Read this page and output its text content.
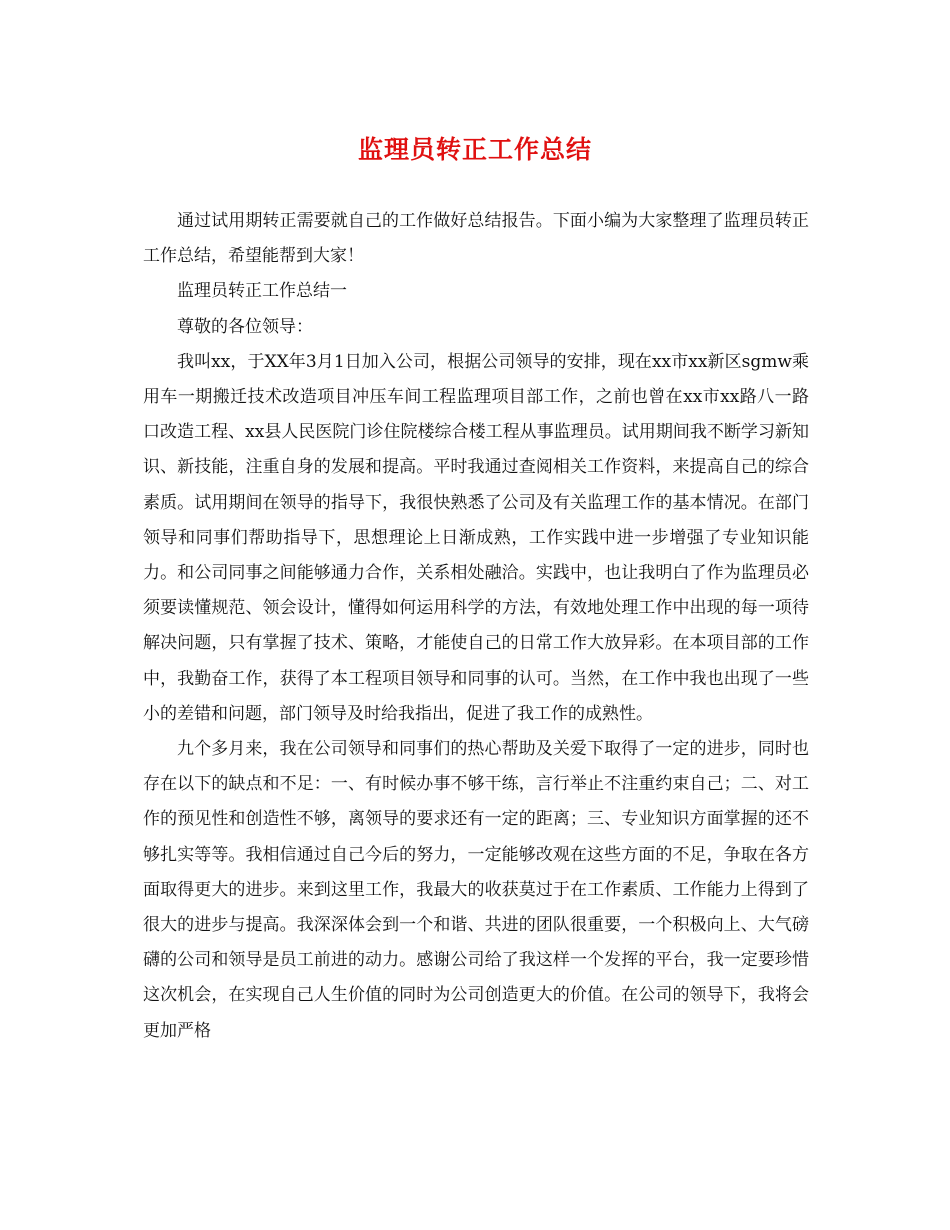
监理员转正工作总结

通过试用期转正需要就自己的工作做好总结报告。下面小编为大家整理了监理员转正工作总结，希望能帮到大家！

监理员转正工作总结一

尊敬的各位领导：

我叫xx，于XX年3月1日加入公司，根据公司领导的安排，现在xx市xx新区sgmw乘用车一期搬迁技术改造项目冲压车间工程监理项目部工作，之前也曾在xx市xx路八一路口改造工程、xx县人民医院门诊住院楼综合楼工程从事监理员。试用期间我不断学习新知识、新技能，注重自身的发展和提高。平时我通过查阅相关工作资料，来提高自己的综合素质。试用期间在领导的指导下，我很快熟悉了公司及有关监理工作的基本情况。在部门领导和同事们帮助指导下，思想理论上日渐成熟，工作实践中进一步增强了专业知识能力。和公司同事之间能够通力合作，关系相处融洽。实践中，也让我明白了作为监理员必须要读懂规范、领会设计，懂得如何运用科学的方法，有效地处理工作中出现的每一项待解决问题，只有掌握了技术、策略，才能使自己的日常工作大放异彩。在本项目部的工作中，我勤奋工作，获得了本工程项目领导和同事的认可。当然，在工作中我也出现了一些小的差错和问题，部门领导及时给我指出，促进了我工作的成熟性。

九个多月来，我在公司领导和同事们的热心帮助及关爱下取得了一定的进步，同时也存在以下的缺点和不足：一、有时候办事不够干练，言行举止不注重约束自己；二、对工作的预见性和创造性不够，离领导的要求还有一定的距离；三、专业知识方面掌握的还不够扎实等等。我相信通过自己今后的努力，一定能够改观在这些方面的不足，争取在各方面取得更大的进步。来到这里工作，我最大的收获莫过于在工作素质、工作能力上得到了很大的进步与提高。我深深体会到一个和谐、共进的团队很重要，一个积极向上、大气磅礴的公司和领导是员工前进的动力。感谢公司给了我这样一个发挥的平台，我一定要珍惜这次机会，在实现自己人生价值的同时为公司创造更大的价值。在公司的领导下，我将会更加严格
